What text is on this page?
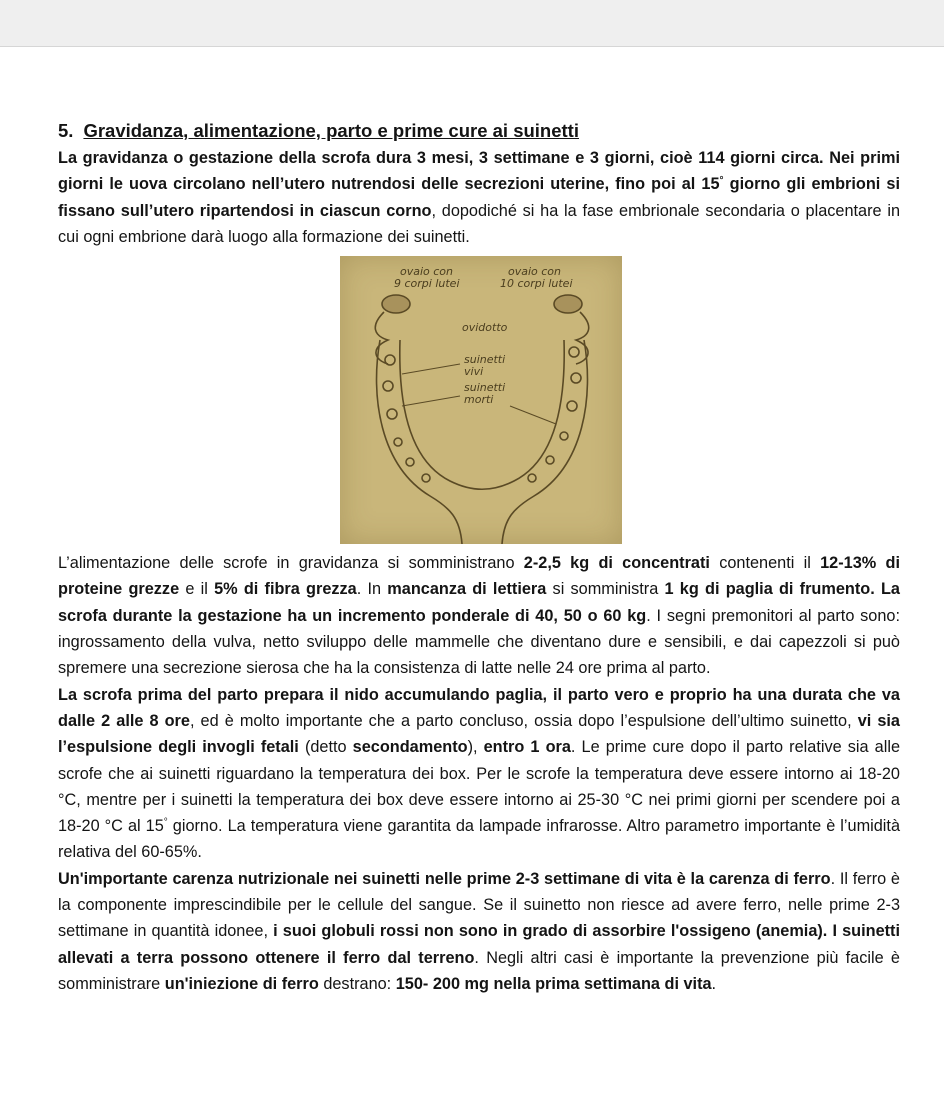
5. Gravidanza, alimentazione, parto e prime cure ai suinetti

La gravidanza o gestazione della scrofa dura 3 mesi, 3 settimane e 3 giorni, cioè 114 giorni circa. Nei primi giorni le uova circolano nell’utero nutrendosi delle secrezioni uterine, fino poi al 15° giorno gli embrioni si fissano sull’utero ripartendosi in ciascun corno, dopodiché si ha la fase embrionale secondaria o placentare in cui ogni embrione darà luogo alla formazione dei suinetti.

ovaio con
9 corpi lutei
ovaio con
10 corpi lutei
ovidotto
suinetti
vivi
suinetti
morti

L’alimentazione delle scrofe in gravidanza si somministrano 2-2,5 kg di concentrati contenenti il 12-13% di proteine grezze e il 5% di fibra grezza. In mancanza di lettiera si somministra 1 kg di paglia di frumento. La scrofa durante la gestazione ha un incremento ponderale di 40, 50 o 60 kg. I segni premonitori al parto sono: ingrossamento della vulva, netto sviluppo delle mammelle che diventano dure e sensibili, e dai capezzoli si può spremere una secrezione sierosa che ha la consistenza di latte nelle 24 ore prima al parto.

La scrofa prima del parto prepara il nido accumulando paglia, il parto vero e proprio ha una durata che va dalle 2 alle 8 ore, ed è molto importante che a parto concluso, ossia dopo l’espulsione dell’ultimo suinetto, vi sia l’espulsione degli invogli fetali (detto secondamento), entro 1 ora. Le prime cure dopo il parto relative sia alle scrofe che ai suinetti riguardano la temperatura dei box. Per le scrofe la temperatura deve essere intorno ai 18-20 °C, mentre per i suinetti la temperatura dei box deve essere intorno ai 25-30 °C nei primi giorni per scendere poi a 18-20 °C al 15° giorno. La temperatura viene garantita da lampade infrarosse. Altro parametro importante è l’umidità relativa del 60-65%.

Un'importante carenza nutrizionale nei suinetti nelle prime 2-3 settimane di vita è la carenza di ferro. Il ferro è la componente imprescindibile per le cellule del sangue. Se il suinetto non riesce ad avere ferro, nelle prime 2-3 settimane in quantità idonee, i suoi globuli rossi non sono in grado di assorbire l'ossigeno (anemia). I suinetti allevati a terra possono ottenere il ferro dal terreno. Negli altri casi è importante la prevenzione più facile è somministrare un'iniezione di ferro destrano: 150- 200 mg nella prima settimana di vita.
